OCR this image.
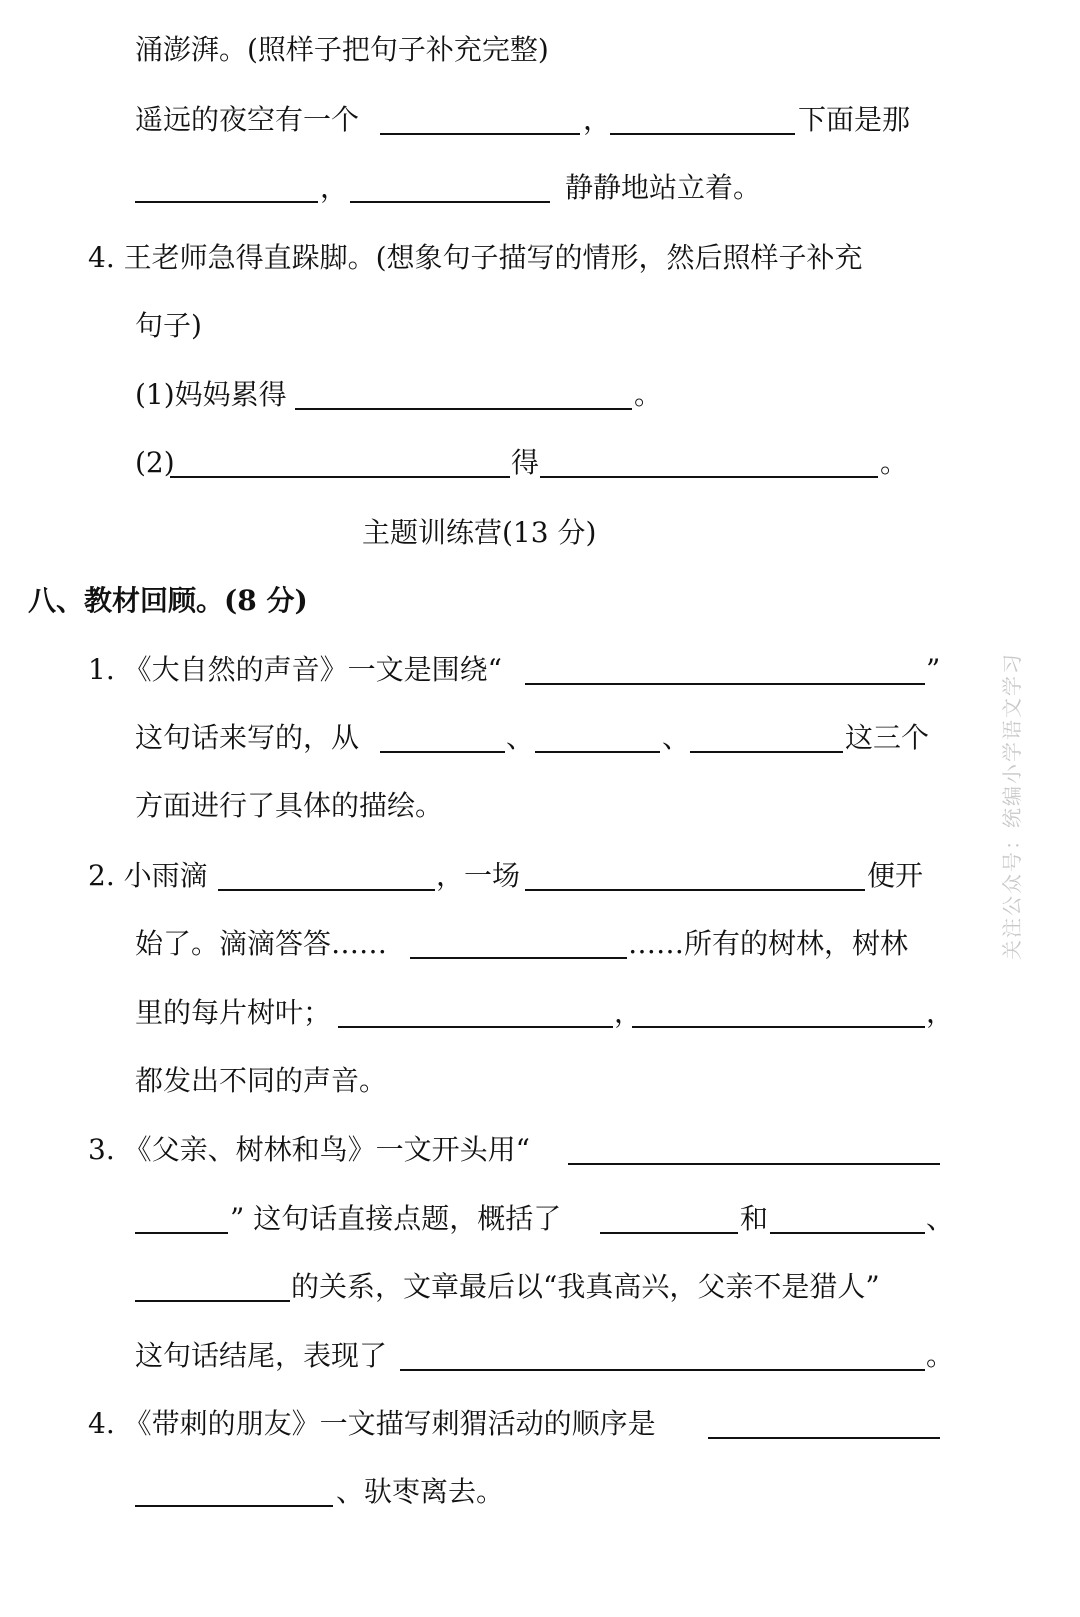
关注公众号：统编小学语文学习
涌澎湃。(照样子把句子补充完整)
遥远的夜空有一个	，	下面是那
，	静静地站立着。
4. 王老师急得直跺脚。(想象句子描写的情形，然后照样子补充
句子)
(1)妈妈累得	。
(2)	得	。
主题训练营(13 分)
八、教材回顾。(8 分)
1. 《大自然的声音》一文是围绕“	”
这句话来写的，从	、	、	这三个
方面进行了具体的描绘。
2. 小雨滴	，一场	便开
始了。滴滴答答……	……所有的树林，树林
里的每片树叶；	，	，
都发出不同的声音。
3. 《父亲、树林和鸟》一文开头用“
” 这句话直接点题，概括了	和	、
的关系，文章最后以“我真高兴，父亲不是猎人”
这句话结尾，表现了	。
4. 《带刺的朋友》一文描写刺猬活动的顺序是
、驮枣离去。
